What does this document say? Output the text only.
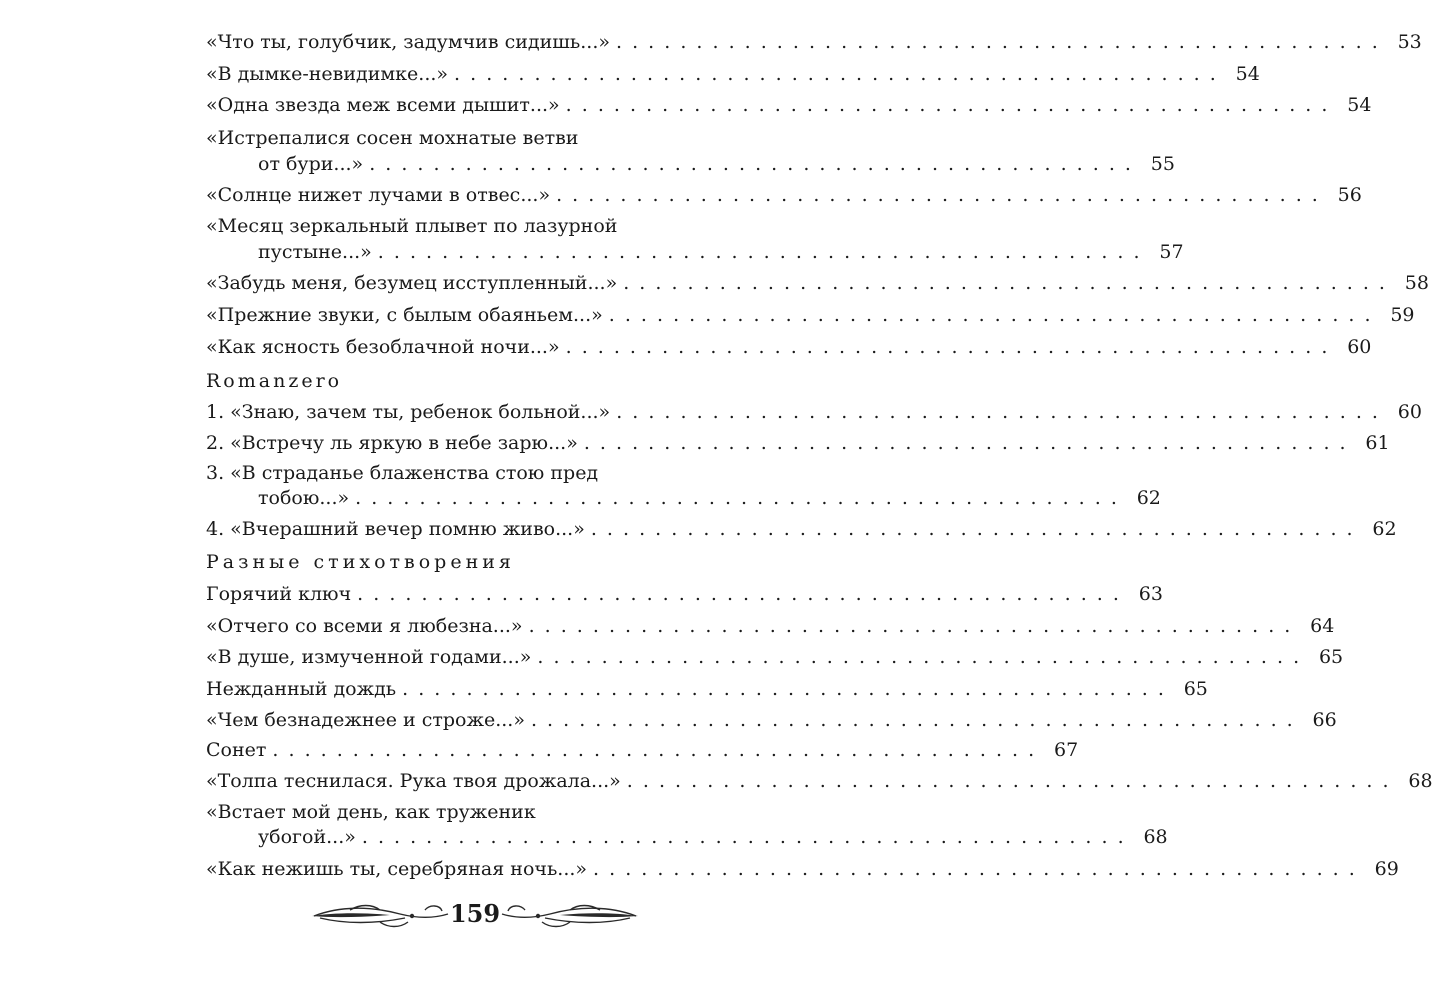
«Что ты, голубчик, задумчив сидишь...» . . . . . . . . . . . . . . . . . . . . . . . . . . . . . . . . . . . . . . . . . . . . . . . . 53
«В дымке-невидимке...» . . . . . . . . . . . . . . . . . . . . . . . . . . . . . . . . . . . . . . . . . . . . . . . . 54
«Одна звезда меж всеми дышит...» . . . . . . . . . . . . . . . . . . . . . . . . . . . . . . . . . . . . . . . . . . . . . . . . 54
«Истрепалися сосен мохнатые ветви
от бури...» . . . . . . . . . . . . . . . . . . . . . . . . . . . . . . . . . . . . . . . . . . . . . . . . 55
«Солнце нижет лучами в отвес...» . . . . . . . . . . . . . . . . . . . . . . . . . . . . . . . . . . . . . . . . . . . . . . . . 56
«Месяц зеркальный плывет по лазурной
пустыне...» . . . . . . . . . . . . . . . . . . . . . . . . . . . . . . . . . . . . . . . . . . . . . . . . 57
«Забудь меня, безумец исступленный...» . . . . . . . . . . . . . . . . . . . . . . . . . . . . . . . . . . . . . . . . . . . . . . . . 58
«Прежние звуки, с былым обаяньем...» . . . . . . . . . . . . . . . . . . . . . . . . . . . . . . . . . . . . . . . . . . . . . . . . 59
«Как ясность безоблачной ночи...» . . . . . . . . . . . . . . . . . . . . . . . . . . . . . . . . . . . . . . . . . . . . . . . . 60
Romanzero
1. «Знаю, зачем ты, ребенок больной...» . . . . . . . . . . . . . . . . . . . . . . . . . . . . . . . . . . . . . . . . . . . . . . . . 60
2. «Встречу ль яркую в небе зарю...» . . . . . . . . . . . . . . . . . . . . . . . . . . . . . . . . . . . . . . . . . . . . . . . . 61
3. «В страданье блаженства стою пред
тобою...» . . . . . . . . . . . . . . . . . . . . . . . . . . . . . . . . . . . . . . . . . . . . . . . . 62
4. «Вчерашний вечер помню живо...» . . . . . . . . . . . . . . . . . . . . . . . . . . . . . . . . . . . . . . . . . . . . . . . . 62
Разные стихотворения
Горячий ключ . . . . . . . . . . . . . . . . . . . . . . . . . . . . . . . . . . . . . . . . . . . . . . . . 63
«Отчего со всеми я любезна...» . . . . . . . . . . . . . . . . . . . . . . . . . . . . . . . . . . . . . . . . . . . . . . . . 64
«В душе, измученной годами...» . . . . . . . . . . . . . . . . . . . . . . . . . . . . . . . . . . . . . . . . . . . . . . . . 65
Нежданный дождь . . . . . . . . . . . . . . . . . . . . . . . . . . . . . . . . . . . . . . . . . . . . . . . . 65
«Чем безнадежнее и строже...» . . . . . . . . . . . . . . . . . . . . . . . . . . . . . . . . . . . . . . . . . . . . . . . . 66
Сонет . . . . . . . . . . . . . . . . . . . . . . . . . . . . . . . . . . . . . . . . . . . . . . . . 67
«Толпа теснилася. Рука твоя дрожала...» . . . . . . . . . . . . . . . . . . . . . . . . . . . . . . . . . . . . . . . . . . . . . . . . 68
«Встает мой день, как труженик
убогой...» . . . . . . . . . . . . . . . . . . . . . . . . . . . . . . . . . . . . . . . . . . . . . . . . 68
«Как нежишь ты, серебряная ночь...» . . . . . . . . . . . . . . . . . . . . . . . . . . . . . . . . . . . . . . . . . . . . . . . . 69
159
